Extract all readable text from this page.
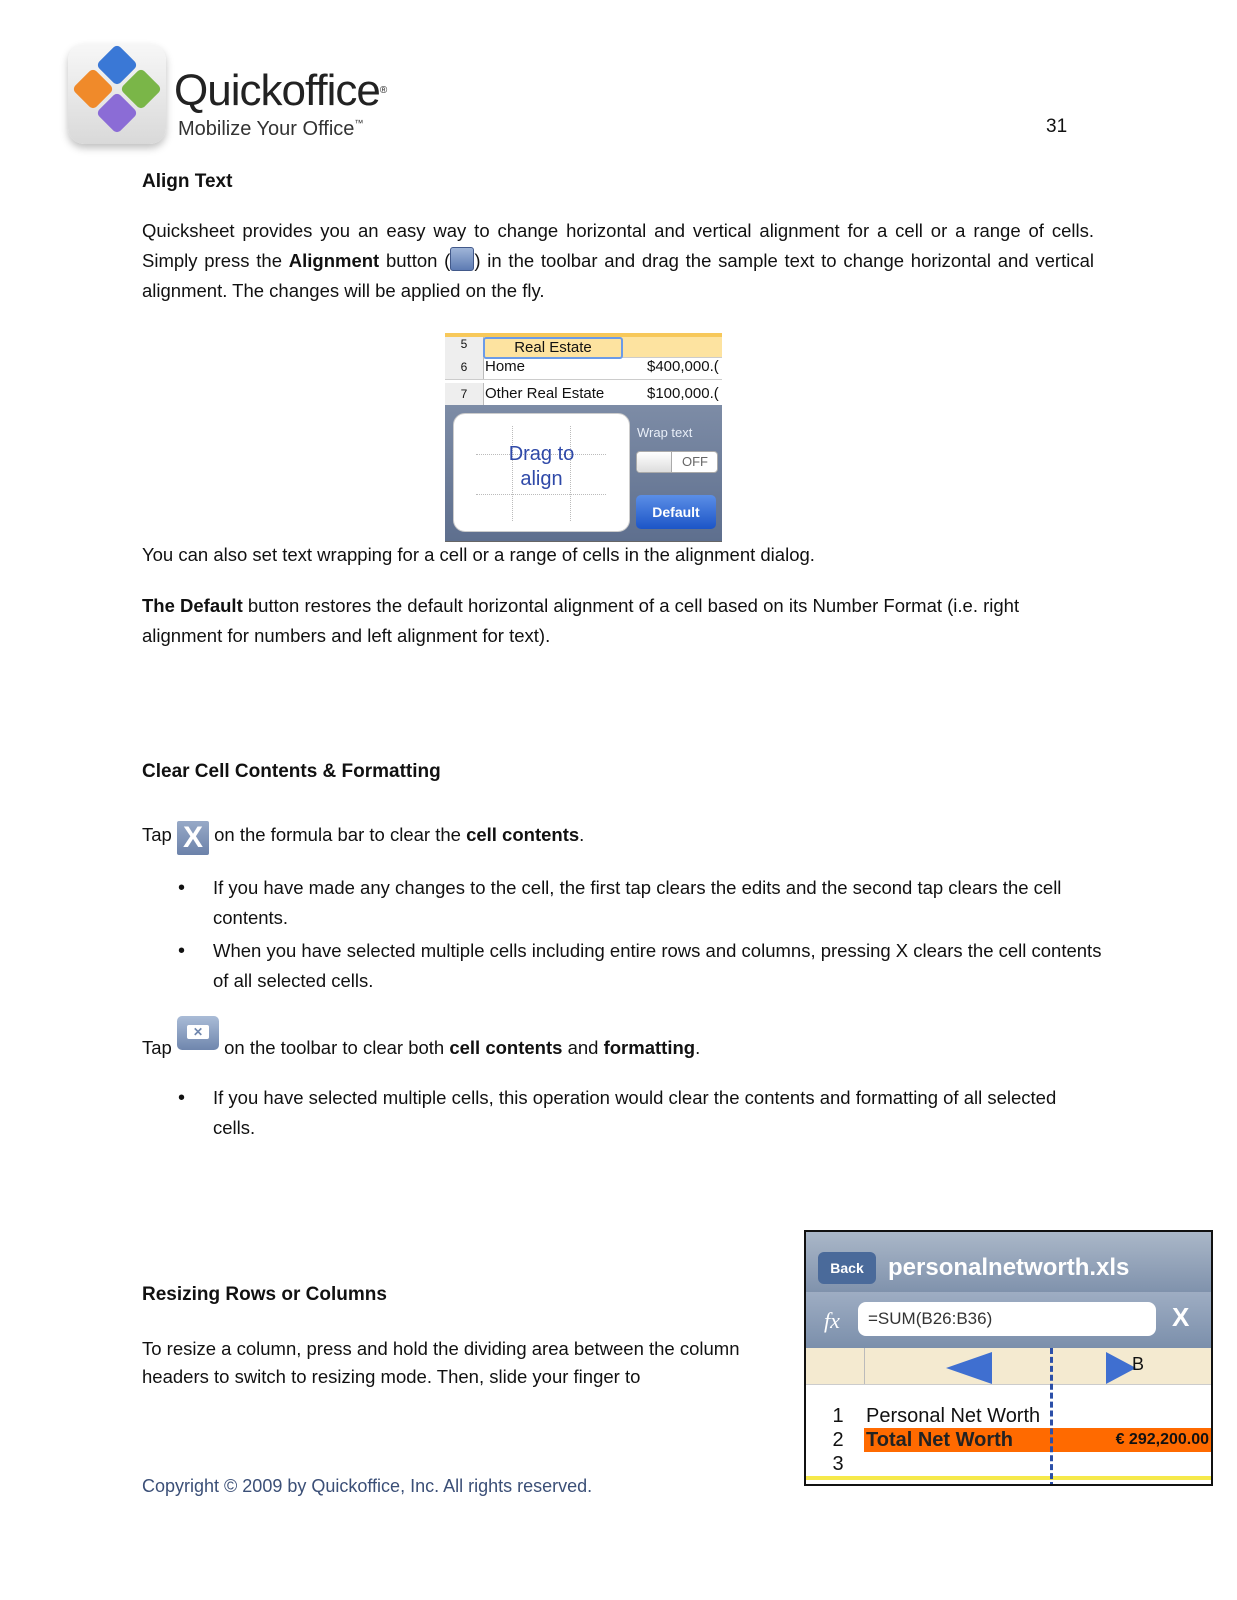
Quickoffice®
Mobilize Your Office™	31
Align Text
Quicksheet provides you an easy way to change horizontal and vertical alignment for a cell or a range of cells. Simply press the Alignment button ( ) in the toolbar and drag the sample text to change horizontal and vertical alignment. The changes will be applied on the fly.
5	Real Estate
6	Home	$400,000.(
7	Other Real Estate	$100,000.(
Drag to
align
Wrap text
OFF
Default
You can also set text wrapping for a cell or a range of cells in the alignment dialog.
The Default button restores the default horizontal alignment of a cell based on its Number Format (i.e. right alignment for numbers and left alignment for text).
Clear Cell Contents & Formatting
Tap X on the formula bar to clear the cell contents.
• If you have made any changes to the cell, the first tap clears the edits and the second tap clears the cell contents.
• When you have selected multiple cells including entire rows and columns, pressing X clears the cell contents of all selected cells.
Tap
✕
on the toolbar to clear both cell contents and formatting.
• If you have selected multiple cells, this operation would clear the contents and formatting of all selected cells.
Resizing Rows or Columns
To resize a column, press and hold the dividing area between the column headers to switch to resizing mode. Then, slide your finger to
Back	personalnetworth.xls
fx	=SUM(B26:B36)	X
B
1 Personal Net Worth
2 Total Net Worth	€ 292,200.00
3
Copyright © 2009 by Quickoffice, Inc. All rights reserved.
